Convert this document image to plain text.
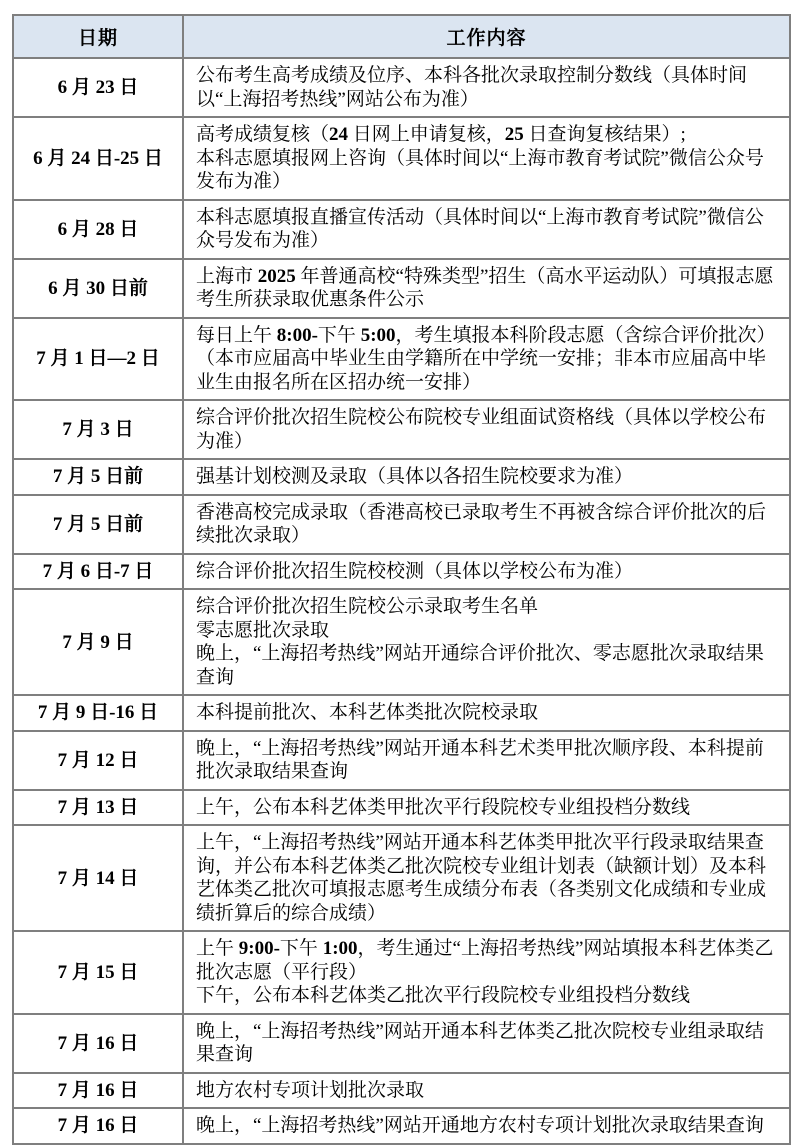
日期	工作内容
6 月 23 日	公布考生高考成绩及位序、本科各批次录取控制分数线（具体时间以“上海招考热线”网站公布为准）
6 月 24 日-25 日	高考成绩复核（24 日网上申请复核，25 日查询复核结果）;
本科志愿填报网上咨询（具体时间以“上海市教育考试院”微信公众号发布为准）
6 月 28 日	本科志愿填报直播宣传活动（具体时间以“上海市教育考试院”微信公众号发布为准）
6 月 30 日前	上海市 2025 年普通高校“特殊类型”招生（高水平运动队）可填报志愿考生所获录取优惠条件公示
7 月 1 日—2 日	每日上午 8:00-下午 5:00，考生填报本科阶段志愿（含综合评价批次）（本市应届高中毕业生由学籍所在中学统一安排；非本市应届高中毕业生由报名所在区招办统一安排）
7 月 3 日	综合评价批次招生院校公布院校专业组面试资格线（具体以学校公布为准）
7 月 5 日前	强基计划校测及录取（具体以各招生院校要求为准）
7 月 5 日前	香港高校完成录取（香港高校已录取考生不再被含综合评价批次的后续批次录取）
7 月 6 日-7 日	综合评价批次招生院校校测（具体以学校公布为准）
7 月 9 日	综合评价批次招生院校公示录取考生名单
零志愿批次录取
晚上，“上海招考热线”网站开通综合评价批次、零志愿批次录取结果查询
7 月 9 日-16 日	本科提前批次、本科艺体类批次院校录取
7 月 12 日	晚上，“上海招考热线”网站开通本科艺术类甲批次顺序段、本科提前批次录取结果查询
7 月 13 日	上午，公布本科艺体类甲批次平行段院校专业组投档分数线
7 月 14 日	上午，“上海招考热线”网站开通本科艺体类甲批次平行段录取结果查询，并公布本科艺体类乙批次院校专业组计划表（缺额计划）及本科艺体类乙批次可填报志愿考生成绩分布表（各类别文化成绩和专业成绩折算后的综合成绩）
7 月 15 日	上午 9:00-下午 1:00，考生通过“上海招考热线”网站填报本科艺体类乙批次志愿（平行段）
下午，公布本科艺体类乙批次平行段院校专业组投档分数线
7 月 16 日	晚上，“上海招考热线”网站开通本科艺体类乙批次院校专业组录取结果查询
7 月 16 日	地方农村专项计划批次录取
7 月 16 日	晚上，“上海招考热线”网站开通地方农村专项计划批次录取结果查询
